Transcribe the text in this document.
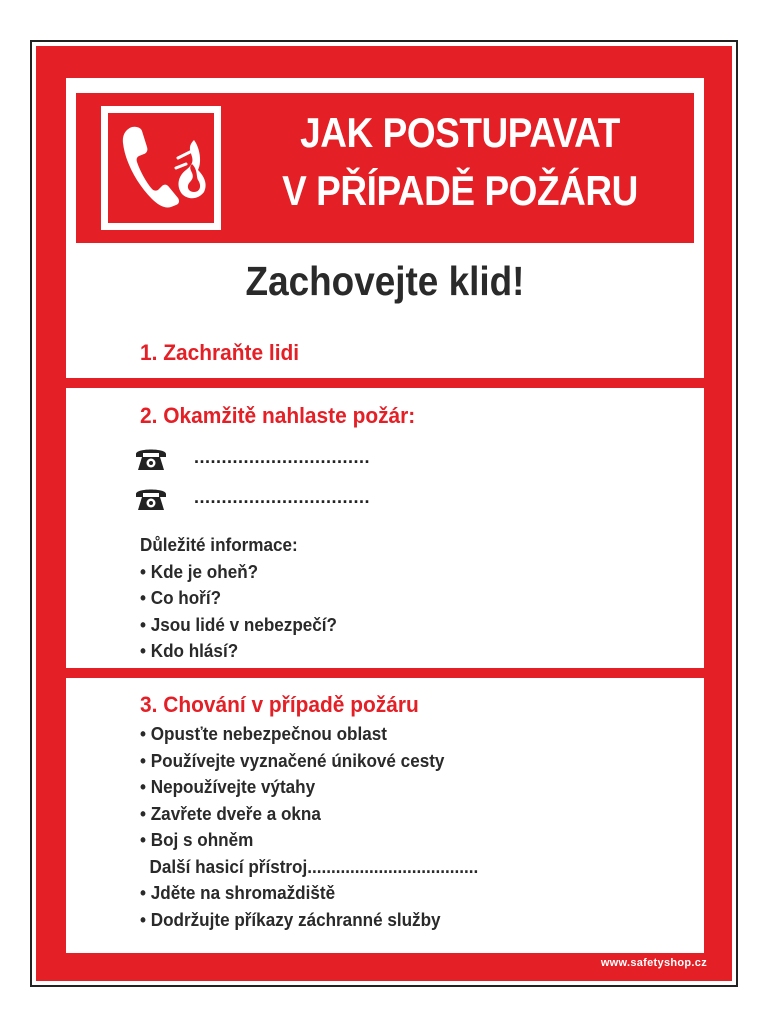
JAK POSTUPAVAT
V PŘÍPADĚ POŽÁRU
Zachovejte klid!
1. Zachraňte lidi
2. Okamžitě nahlaste požár:
................................
................................
Důležité informace:
• Kde je oheň?
• Co hoří?
• Jsou lidé v nebezpečí?
• Kdo hlásí?
3. Chování v případě požáru
• Opusťte nebezpečnou oblast
• Používejte vyznačené únikové cesty
• Nepoužívejte výtahy
• Zavřete dveře a okna
• Boj s ohněm
Další hasicí přístroj....................................
• Jděte na shromaždiště
• Dodržujte příkazy záchranné služby
www.safetyshop.cz
